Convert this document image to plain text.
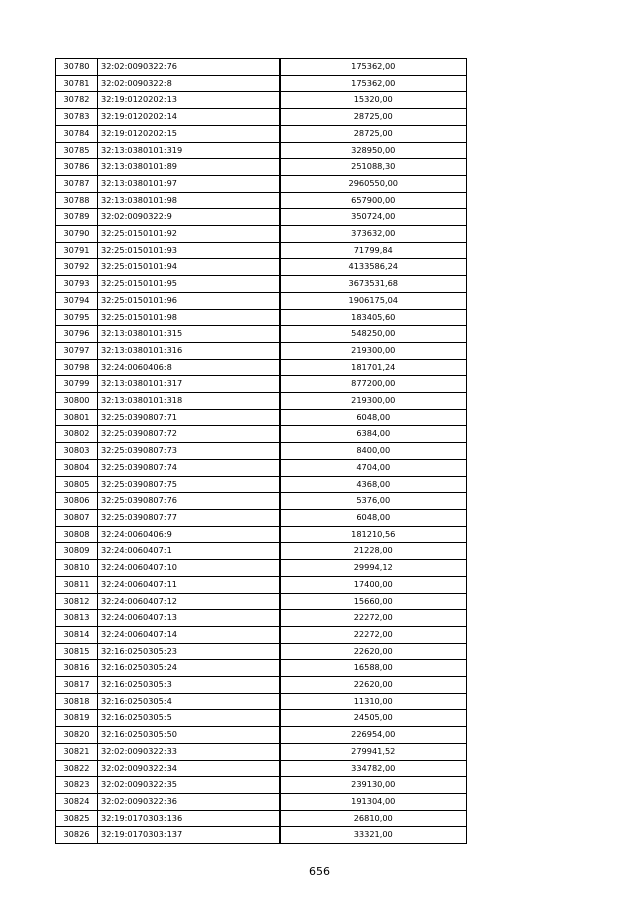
30780	32:02:0090322:76	175362,00
30781	32:02:0090322:8	175362,00
30782	32:19:0120202:13	15320,00
30783	32:19:0120202:14	28725,00
30784	32:19:0120202:15	28725,00
30785	32:13:0380101:319	328950,00
30786	32:13:0380101:89	251088,30
30787	32:13:0380101:97	2960550,00
30788	32:13:0380101:98	657900,00
30789	32:02:0090322:9	350724,00
30790	32:25:0150101:92	373632,00
30791	32:25:0150101:93	71799,84
30792	32:25:0150101:94	4133586,24
30793	32:25:0150101:95	3673531,68
30794	32:25:0150101:96	1906175,04
30795	32:25:0150101:98	183405,60
30796	32:13:0380101:315	548250,00
30797	32:13:0380101:316	219300,00
30798	32:24:0060406:8	181701,24
30799	32:13:0380101:317	877200,00
30800	32:13:0380101:318	219300,00
30801	32:25:0390807:71	6048,00
30802	32:25:0390807:72	6384,00
30803	32:25:0390807:73	8400,00
30804	32:25:0390807:74	4704,00
30805	32:25:0390807:75	4368,00
30806	32:25:0390807:76	5376,00
30807	32:25:0390807:77	6048,00
30808	32:24:0060406:9	181210,56
30809	32:24:0060407:1	21228,00
30810	32:24:0060407:10	29994,12
30811	32:24:0060407:11	17400,00
30812	32:24:0060407:12	15660,00
30813	32:24:0060407:13	22272,00
30814	32:24:0060407:14	22272,00
30815	32:16:0250305:23	22620,00
30816	32:16:0250305:24	16588,00
30817	32:16:0250305:3	22620,00
30818	32:16:0250305:4	11310,00
30819	32:16:0250305:5	24505,00
30820	32:16:0250305:50	226954,00
30821	32:02:0090322:33	279941,52
30822	32:02:0090322:34	334782,00
30823	32:02:0090322:35	239130,00
30824	32:02:0090322:36	191304,00
30825	32:19:0170303:136	26810,00
30826	32:19:0170303:137	33321,00
656
